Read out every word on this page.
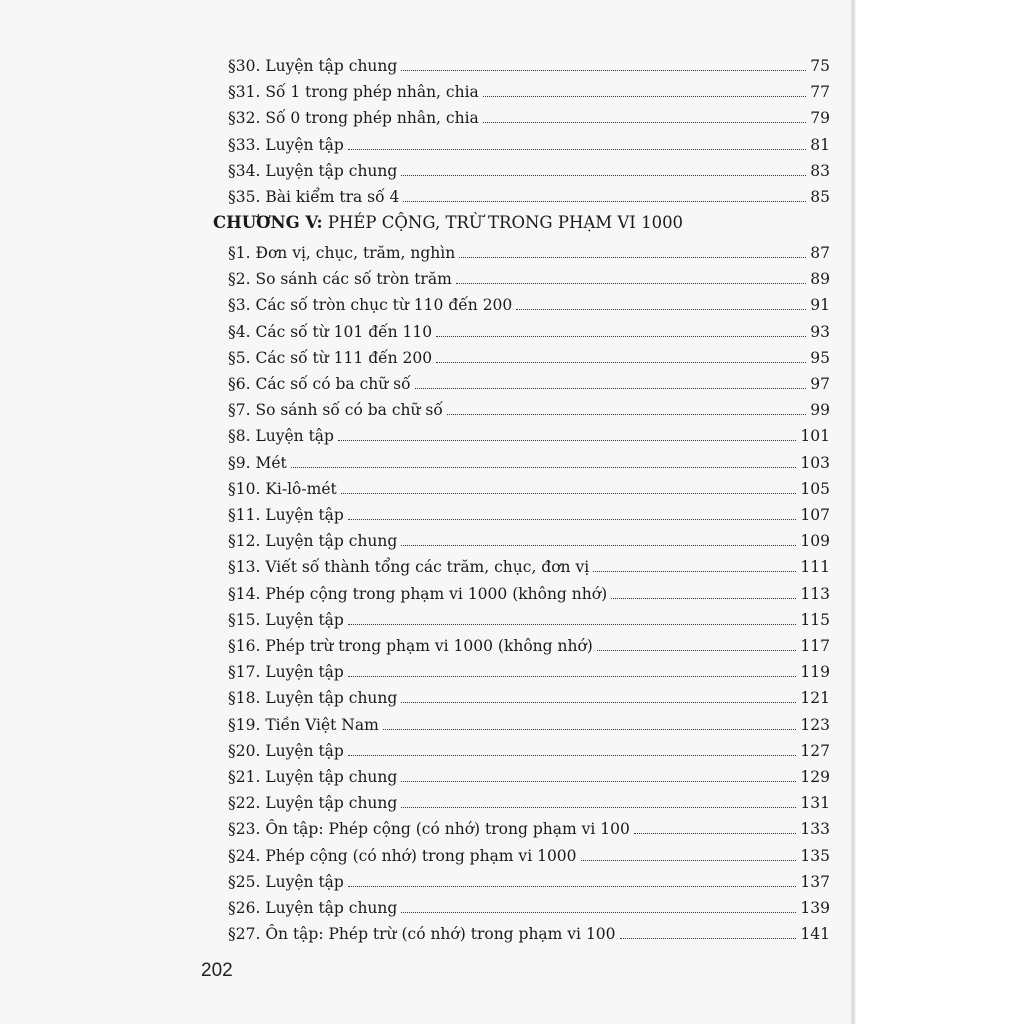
§30. Luyện tập chung	75
§31. Số 1 trong phép nhân, chia	77
§32. Số 0 trong phép nhân, chia	79
§33. Luyện tập	81
§34. Luyện tập chung	83
§35. Bài kiểm tra số 4	85
CHƯƠNG V: PHÉP CỘNG, TRỪ TRONG PHẠM VI 1000
§1. Đơn vị, chục, trăm, nghìn	87
§2. So sánh các số tròn trăm	89
§3. Các số tròn chục từ 110 đến 200	91
§4. Các số từ 101 đến 110	93
§5. Các số từ 111 đến 200	95
§6. Các số có ba chữ số	97
§7. So sánh số có ba chữ số	99
§8. Luyện tập	101
§9. Mét	103
§10. Ki-lô-mét	105
§11. Luyện tập	107
§12. Luyện tập chung	109
§13. Viết số thành tổng các trăm, chục, đơn vị	111
§14. Phép cộng trong phạm vi 1000 (không nhớ)	113
§15. Luyện tập	115
§16. Phép trừ trong phạm vi 1000 (không nhớ)	117
§17. Luyện tập	119
§18. Luyện tập chung	121
§19. Tiền Việt Nam	123
§20. Luyện tập	127
§21. Luyện tập chung	129
§22. Luyện tập chung	131
§23. Ôn tập: Phép cộng (có nhớ) trong phạm vi 100	133
§24. Phép cộng (có nhớ) trong phạm vi 1000	135
§25. Luyện tập	137
§26. Luyện tập chung	139
§27. Ôn tập: Phép trừ (có nhớ) trong phạm vi 100	141
202
